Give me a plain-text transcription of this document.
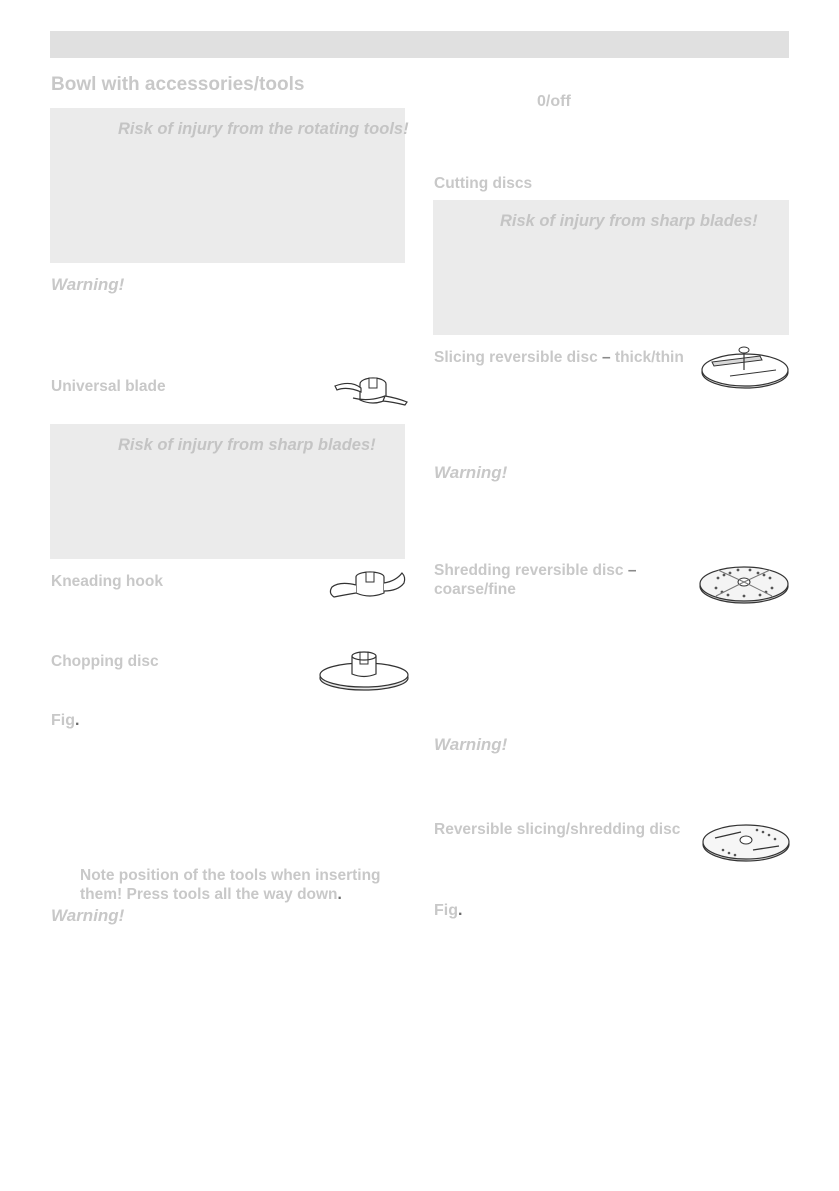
Bowl with accessories/tools
Risk of injury from the rotating tools!
Warning!
Universal blade
Risk of injury from sharp blades!
Kneading hook
Chopping disc
Fig.
Note position of the tools when inserting them! Press tools all the way down.
Warning!
0/off
Cutting discs
Risk of injury from sharp blades!
Slicing reversible disc – thick/thin
Warning!
Shredding reversible disc –
coarse/fine
Warning!
Reversible slicing/shredding disc
Fig.
